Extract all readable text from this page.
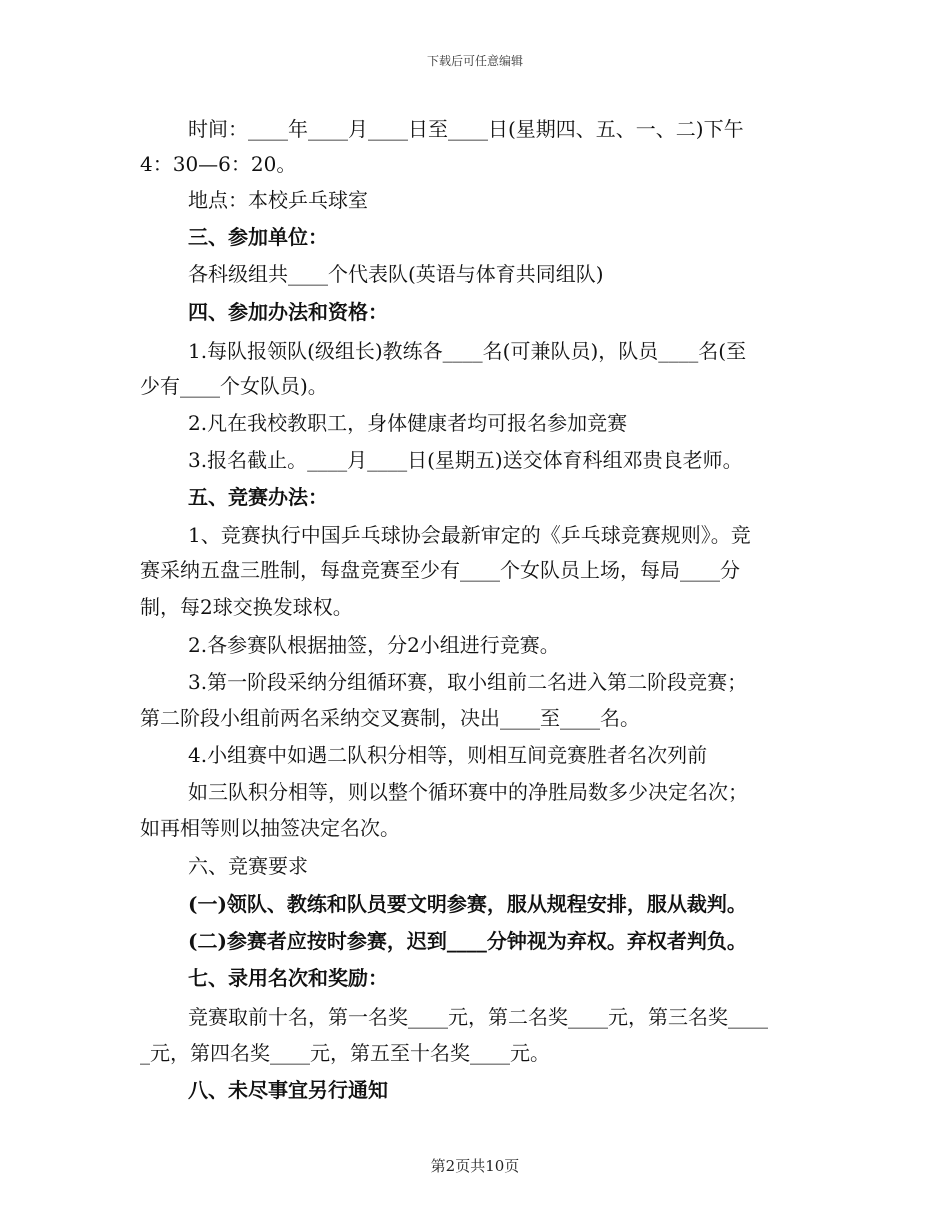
下载后可任意编辑
时间：____年____月____日至____日(星期四、五、一、二)下午
4：30—6：20。
地点：本校乒乓球室
三、参加单位：
各科级组共____个代表队(英语与体育共同组队)
四、参加办法和资格：
1.每队报领队(级组长)教练各____名(可兼队员)，队员____名(至
少有____个女队员)。
2.凡在我校教职工，身体健康者均可报名参加竞赛
3.报名截止。____月____日(星期五)送交体育科组邓贵良老师。
五、竞赛办法：
1、竞赛执行中国乒乓球协会最新审定的《乒乓球竞赛规则》。竞
赛采纳五盘三胜制，每盘竞赛至少有____个女队员上场，每局____分
制，每2球交换发球权。
2.各参赛队根据抽签，分2小组进行竞赛。
3.第一阶段采纳分组循环赛，取小组前二名进入第二阶段竞赛；
第二阶段小组前两名采纳交叉赛制，决出____至____名。
4.小组赛中如遇二队积分相等，则相互间竞赛胜者名次列前
如三队积分相等，则以整个循环赛中的净胜局数多少决定名次；
如再相等则以抽签决定名次。
六、竞赛要求
(一)领队、教练和队员要文明参赛，服从规程安排，服从裁判。
(二)参赛者应按时参赛，迟到____分钟视为弃权。弃权者判负。
七、录用名次和奖励：
竞赛取前十名，第一名奖____元，第二名奖____元，第三名奖____
_元，第四名奖____元，第五至十名奖____元。
八、未尽事宜另行通知
第2页共10页
